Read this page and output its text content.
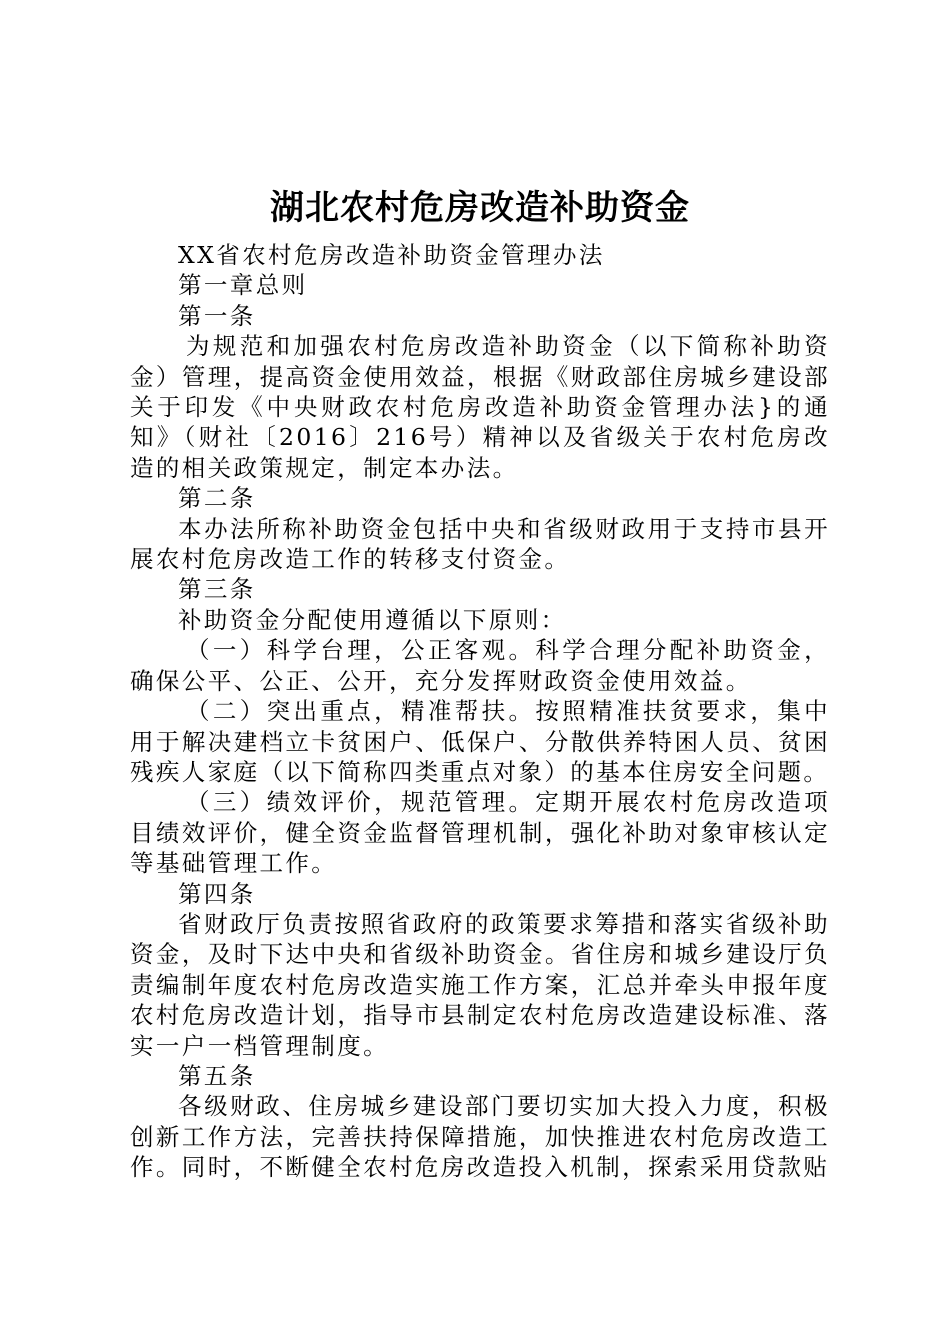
湖北农村危房改造补助资金

XX省农村危房改造补助资金管理办法

第一章总则

第一条

为规范和加强农村危房改造补助资金（以下简称补助资金）管理，提高资金使用效益，根据《财政部住房城乡建设部关于印发《中央财政农村危房改造补助资金管理办法}的通知》（财社〔2016〕216号）精神以及省级关于农村危房改造的相关政策规定，制定本办法。

第二条

本办法所称补助资金包括中央和省级财政用于支持市县开展农村危房改造工作的转移支付资金。

第三条

补助资金分配使用遵循以下原则：

（一）科学台理，公正客观。科学合理分配补助资金，确保公平、公正、公开，充分发挥财政资金使用效益。

（二）突出重点，精准帮扶。按照精准扶贫要求，集中用于解决建档立卡贫困户、低保户、分散供养特困人员、贫困残疾人家庭（以下简称四类重点对象）的基本住房安全问题。

（三）绩效评价，规范管理。定期开展农村危房改造项目绩效评价，健全资金监督管理机制，强化补助对象审核认定等基础管理工作。

第四条

省财政厅负责按照省政府的政策要求筹措和落实省级补助资金，及时下达中央和省级补助资金。省住房和城乡建设厅负责编制年度农村危房改造实施工作方案，汇总并牵头申报年度农村危房改造计划，指导市县制定农村危房改造建设标准、落实一户一档管理制度。

第五条

各级财政、住房城乡建设部门要切实加大投入力度，积极创新工作方法，完善扶持保障措施，加快推进农村危房改造工作。同时，不断健全农村危房改造投入机制，探索采用贷款贴
